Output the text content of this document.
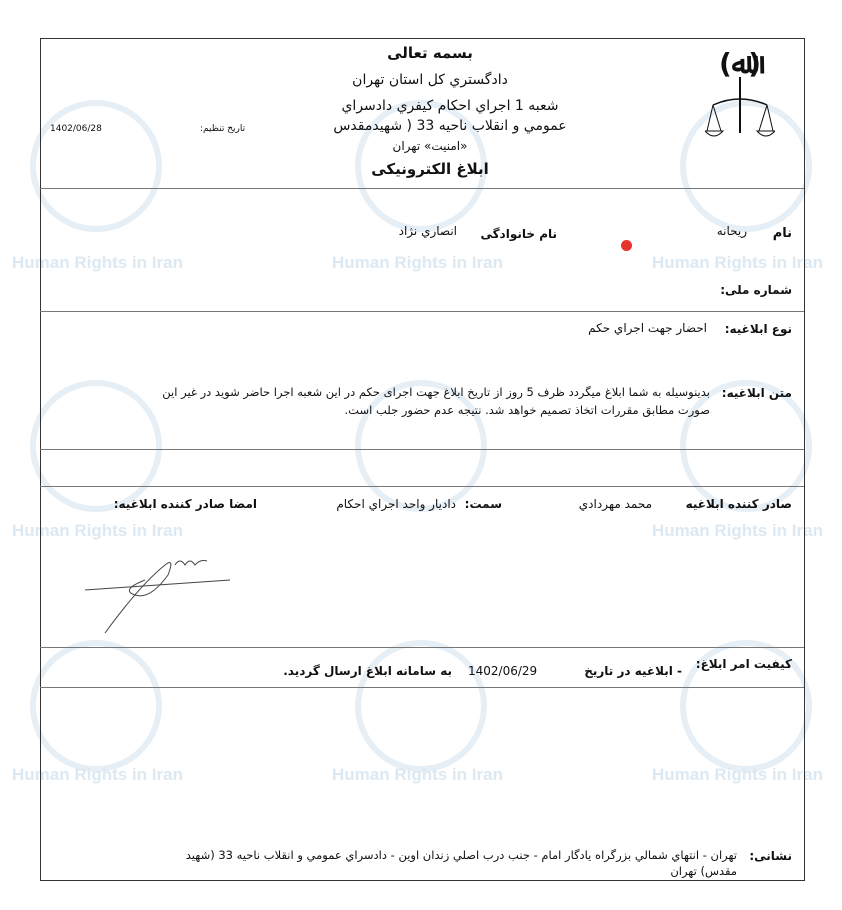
Human Rights in Iran	Human Rights in Iran	Human Rights in Iran
Human Rights in Iran	Human Rights in Iran
Human Rights in Iran	Human Rights in Iran	Human Rights in Iran
(ﷲ)
بسمه تعالی
دادگستري کل استان تهران
شعبه 1 اجراي احكام كيفري دادسراي
عمومي و انقلاب ناحيه 33 ( شهيدمقدس
«امنیت» تهران
ابلاغ الکترونیکی
تاريخ تنظيم:
1402/06/28
نام
ريحانه
نام خانوادگی
انصاري نژاد
شماره ملی:
نوع ابلاغیه:
احضار جهت اجراي حكم
متن ابلاغیه:
بدينوسيله به شما ابلاغ ميگردد ظرف 5 روز از تاريخ ابلاغ جهت اجرای حکم در اين شعبه اجرا حاضر شويد در غير اين
صورت مطابق مقررات اتخاذ تصميم خواهد شد. نتيجه عدم حضور جلب است.
صادر کننده ابلاغیه
محمد مهردادي
سمت:
داديار واحد اجراي احكام
امضا صادر کننده ابلاغیه:
کیفیت امر ابلاغ:
- ابلاغیه در تاریخ
1402/06/29
به سامانه ابلاغ ارسال گردید.
نشانی:
تهران - انتهاي شمالي بزرگراه يادگار امام - جنب درب اصلي زندان اوين - دادسراي عمومي و انقلاب ناحيه 33 (شهيد
مقدس) تهران
